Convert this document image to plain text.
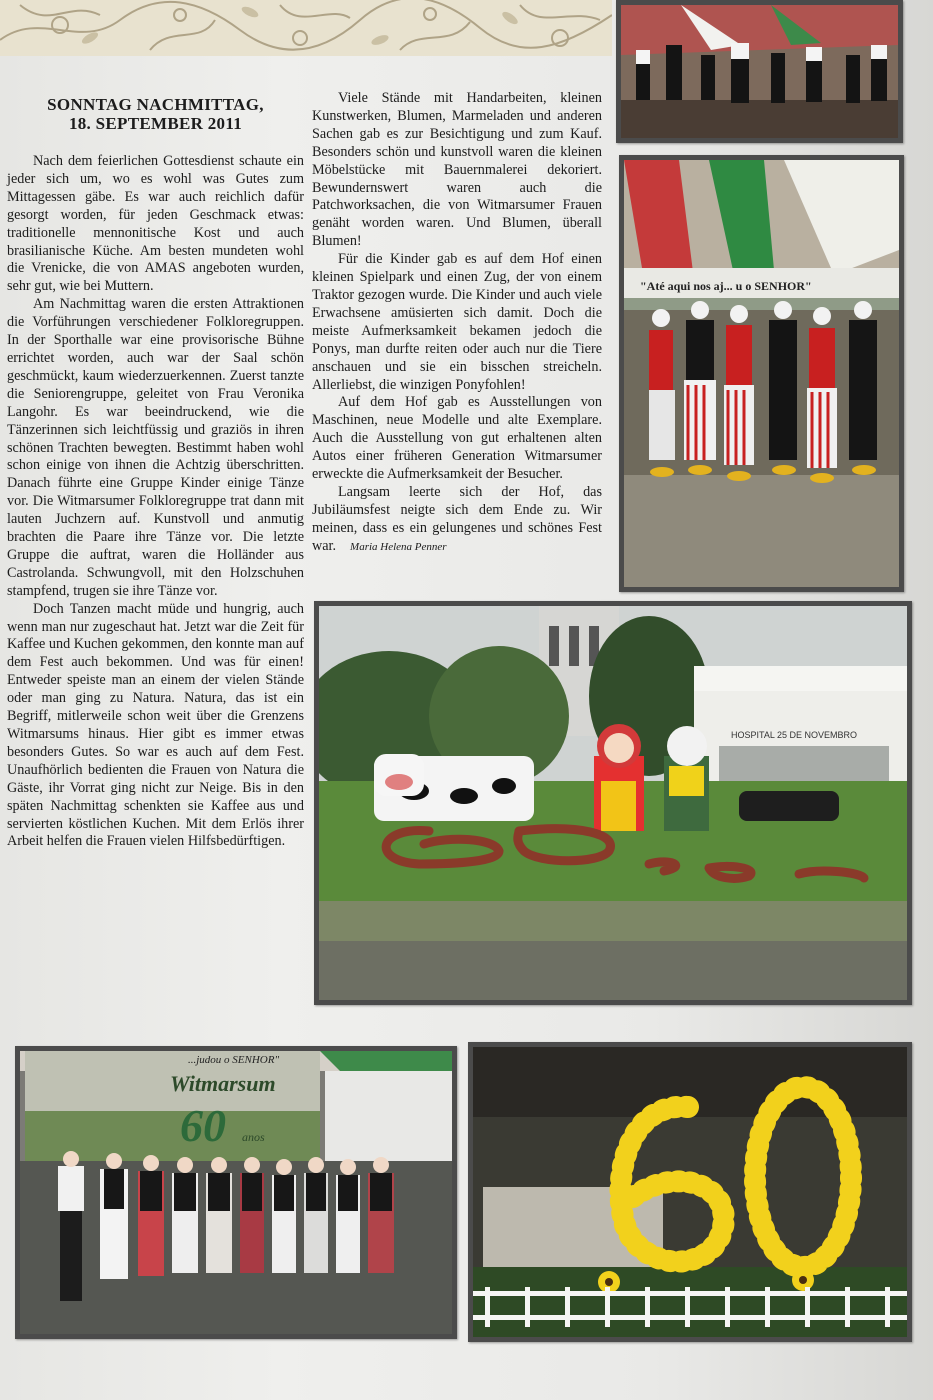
SONNTAG NACHMITTAG,
18. SEPTEMBER 2011

Nach dem feierlichen Gottesdienst schaute ein jeder sich um, wo es wohl was Gutes zum Mittagessen gäbe. Es war auch reichlich dafür gesorgt worden, für jeden Geschmack etwas: traditionelle mennonitische Kost und auch brasilianische Küche. Am besten mundeten wohl die Vrenicke, die von AMAS angeboten wurden, sehr gut, wie bei Muttern.

Am Nachmittag waren die ersten Attraktionen die Vorführungen verschiedener Folkloregruppen. In der Sporthalle war eine provisorische Bühne errichtet worden, auch war der Saal schön geschmückt, kaum wiederzuerkennen. Zuerst tanzte die Seniorengruppe, geleitet von Frau Veronika Langohr. Es war beeindruckend, wie die Tänzerinnen sich leichtfüssig und graziös in ihren schönen Trachten bewegten. Bestimmt haben wohl schon einige von ihnen die Achtzig überschritten. Danach führte eine Gruppe Kinder einige Tänze vor. Die Witmarsumer Folkloregruppe trat dann mit lauten Juchzern auf. Kunstvoll und anmutig brachten die Paare ihre Tänze vor. Die letzte Gruppe die auftrat, waren die Holländer aus Castrolanda. Schwungvoll, mit den Holzschuhen stampfend, trugen sie ihre Tänze vor.

Doch Tanzen macht müde und hungrig, auch wenn man nur zugeschaut hat. Jetzt war die Zeit für Kaffee und Kuchen gekommen, den konnte man auf dem Fest auch bekommen. Und was für einen! Entweder speiste man an einem der vielen Stände oder man ging zu Natura. Natura, das ist ein Begriff, mitlerweile schon weit über die Grenzens Witmarsums hinaus. Hier gibt es immer etwas besonders Gutes. So war es auch auf dem Fest. Unaufhörlich bedienten die Frauen von Natura die Gäste, ihr Vorrat ging nicht zur Neige. Bis in den späten Nachmittag schenkten sie Kaffee aus und servierten köstlichen Kuchen. Mit dem Erlös ihrer Arbeit helfen die Frauen vielen Hilfsbedürftigen.

Viele Stände mit Handarbeiten, kleinen Kunstwerken, Blumen, Marmeladen und anderen Sachen gab es zur Besichtigung und zum Kauf. Besonders schön und kunstvoll waren die kleinen Möbelstücke mit Bauernmalerei dekoriert. Bewundernswert waren auch die Patchworksachen, die von Witmarsumer Frauen genäht worden waren. Und Blumen, überall Blumen!

Für die Kinder gab es auf dem Hof einen kleinen Spielpark und einen Zug, der von einem Traktor gezogen wurde. Die Kinder und auch viele Erwachsene amüsierten sich damit. Doch die meiste Aufmerksamkeit bekamen jedoch die Ponys, man durfte reiten oder auch nur die Tiere anschauen und sie ein bisschen streicheln. Allerliebst, die winzigen Ponyfohlen!

Auf dem Hof gab es Ausstellungen von Maschinen, neue Modelle und alte Exemplare. Auch die Ausstellung von gut erhaltenen alten Autos einer früheren Generation Witmarsumer erweckte die Aufmerksamkeit der Besucher.

Langsam leerte sich der Hof, das Jubiläumsfest neigte sich dem Ende zu. Wir meinen, dass es ein gelungenes und schönes Fest war. Maria Helena Penner

"Até aqui nos aj... u o SENHOR"
HOSPITAL 25 DE NOVEMBRO
...judou o SENHOR"
Witmarsum
60 anos
